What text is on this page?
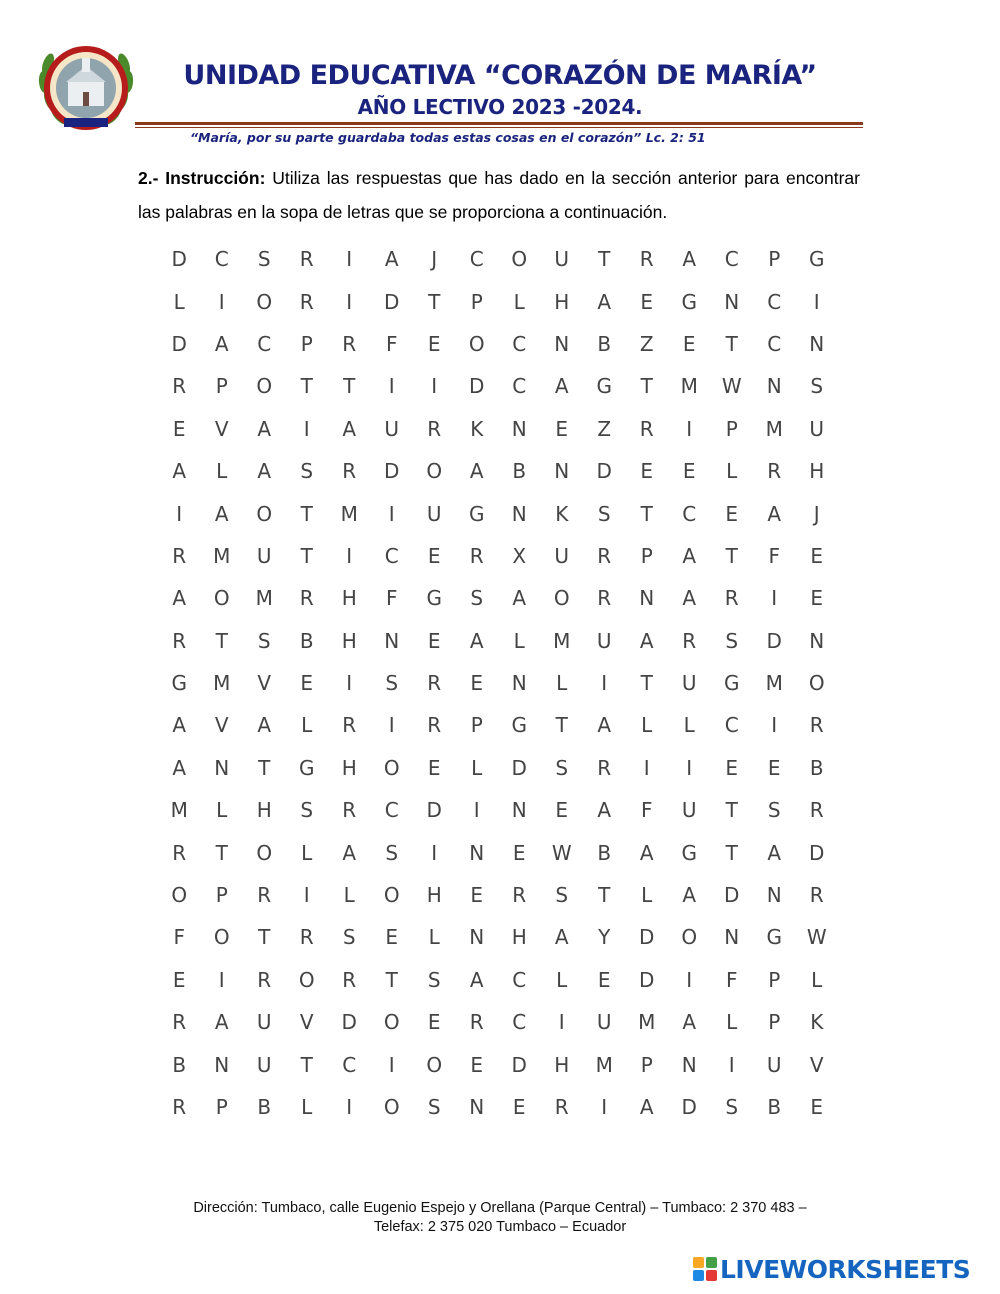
UNIDAD EDUCATIVA “CORAZÓN DE MARÍA”
AÑO LECTIVO 2023 -2024.
“María, por su parte guardaba todas estas cosas en el corazón” Lc. 2: 51

2.- Instrucción: Utiliza las respuestas que has dado en la sección anterior para encontrar las palabras en la sopa de letras que se proporciona a continuación.

D	C	S	R	I	A	J	C	O	U	T	R	A	C	P	G
L	I	O	R	I	D	T	P	L	H	A	E	G	N	C	I
D	A	C	P	R	F	E	O	C	N	B	Z	E	T	C	N
R	P	O	T	T	I	I	D	C	A	G	T	M	W	N	S
E	V	A	I	A	U	R	K	N	E	Z	R	I	P	M	U
A	L	A	S	R	D	O	A	B	N	D	E	E	L	R	H
I	A	O	T	M	I	U	G	N	K	S	T	C	E	A	J
R	M	U	T	I	C	E	R	X	U	R	P	A	T	F	E
A	O	M	R	H	F	G	S	A	O	R	N	A	R	I	E
R	T	S	B	H	N	E	A	L	M	U	A	R	S	D	N
G	M	V	E	I	S	R	E	N	L	I	T	U	G	M	O
A	V	A	L	R	I	R	P	G	T	A	L	L	C	I	R
A	N	T	G	H	O	E	L	D	S	R	I	I	E	E	B
M	L	H	S	R	C	D	I	N	E	A	F	U	T	S	R
R	T	O	L	A	S	I	N	E	W	B	A	G	T	A	D
O	P	R	I	L	O	H	E	R	S	T	L	A	D	N	R
F	O	T	R	S	E	L	N	H	A	Y	D	O	N	G	W
E	I	R	O	R	T	S	A	C	L	E	D	I	F	P	L
R	A	U	V	D	O	E	R	C	I	U	M	A	L	P	K
B	N	U	T	C	I	O	E	D	H	M	P	N	I	U	V
R	P	B	L	I	O	S	N	E	R	I	A	D	S	B	E

Dirección: Tumbaco, calle Eugenio Espejo y Orellana (Parque Central) – Tumbaco: 2 370 483 –

Telefax: 2 375 020 Tumbaco – Ecuador

LIVEWORKSHEETS
